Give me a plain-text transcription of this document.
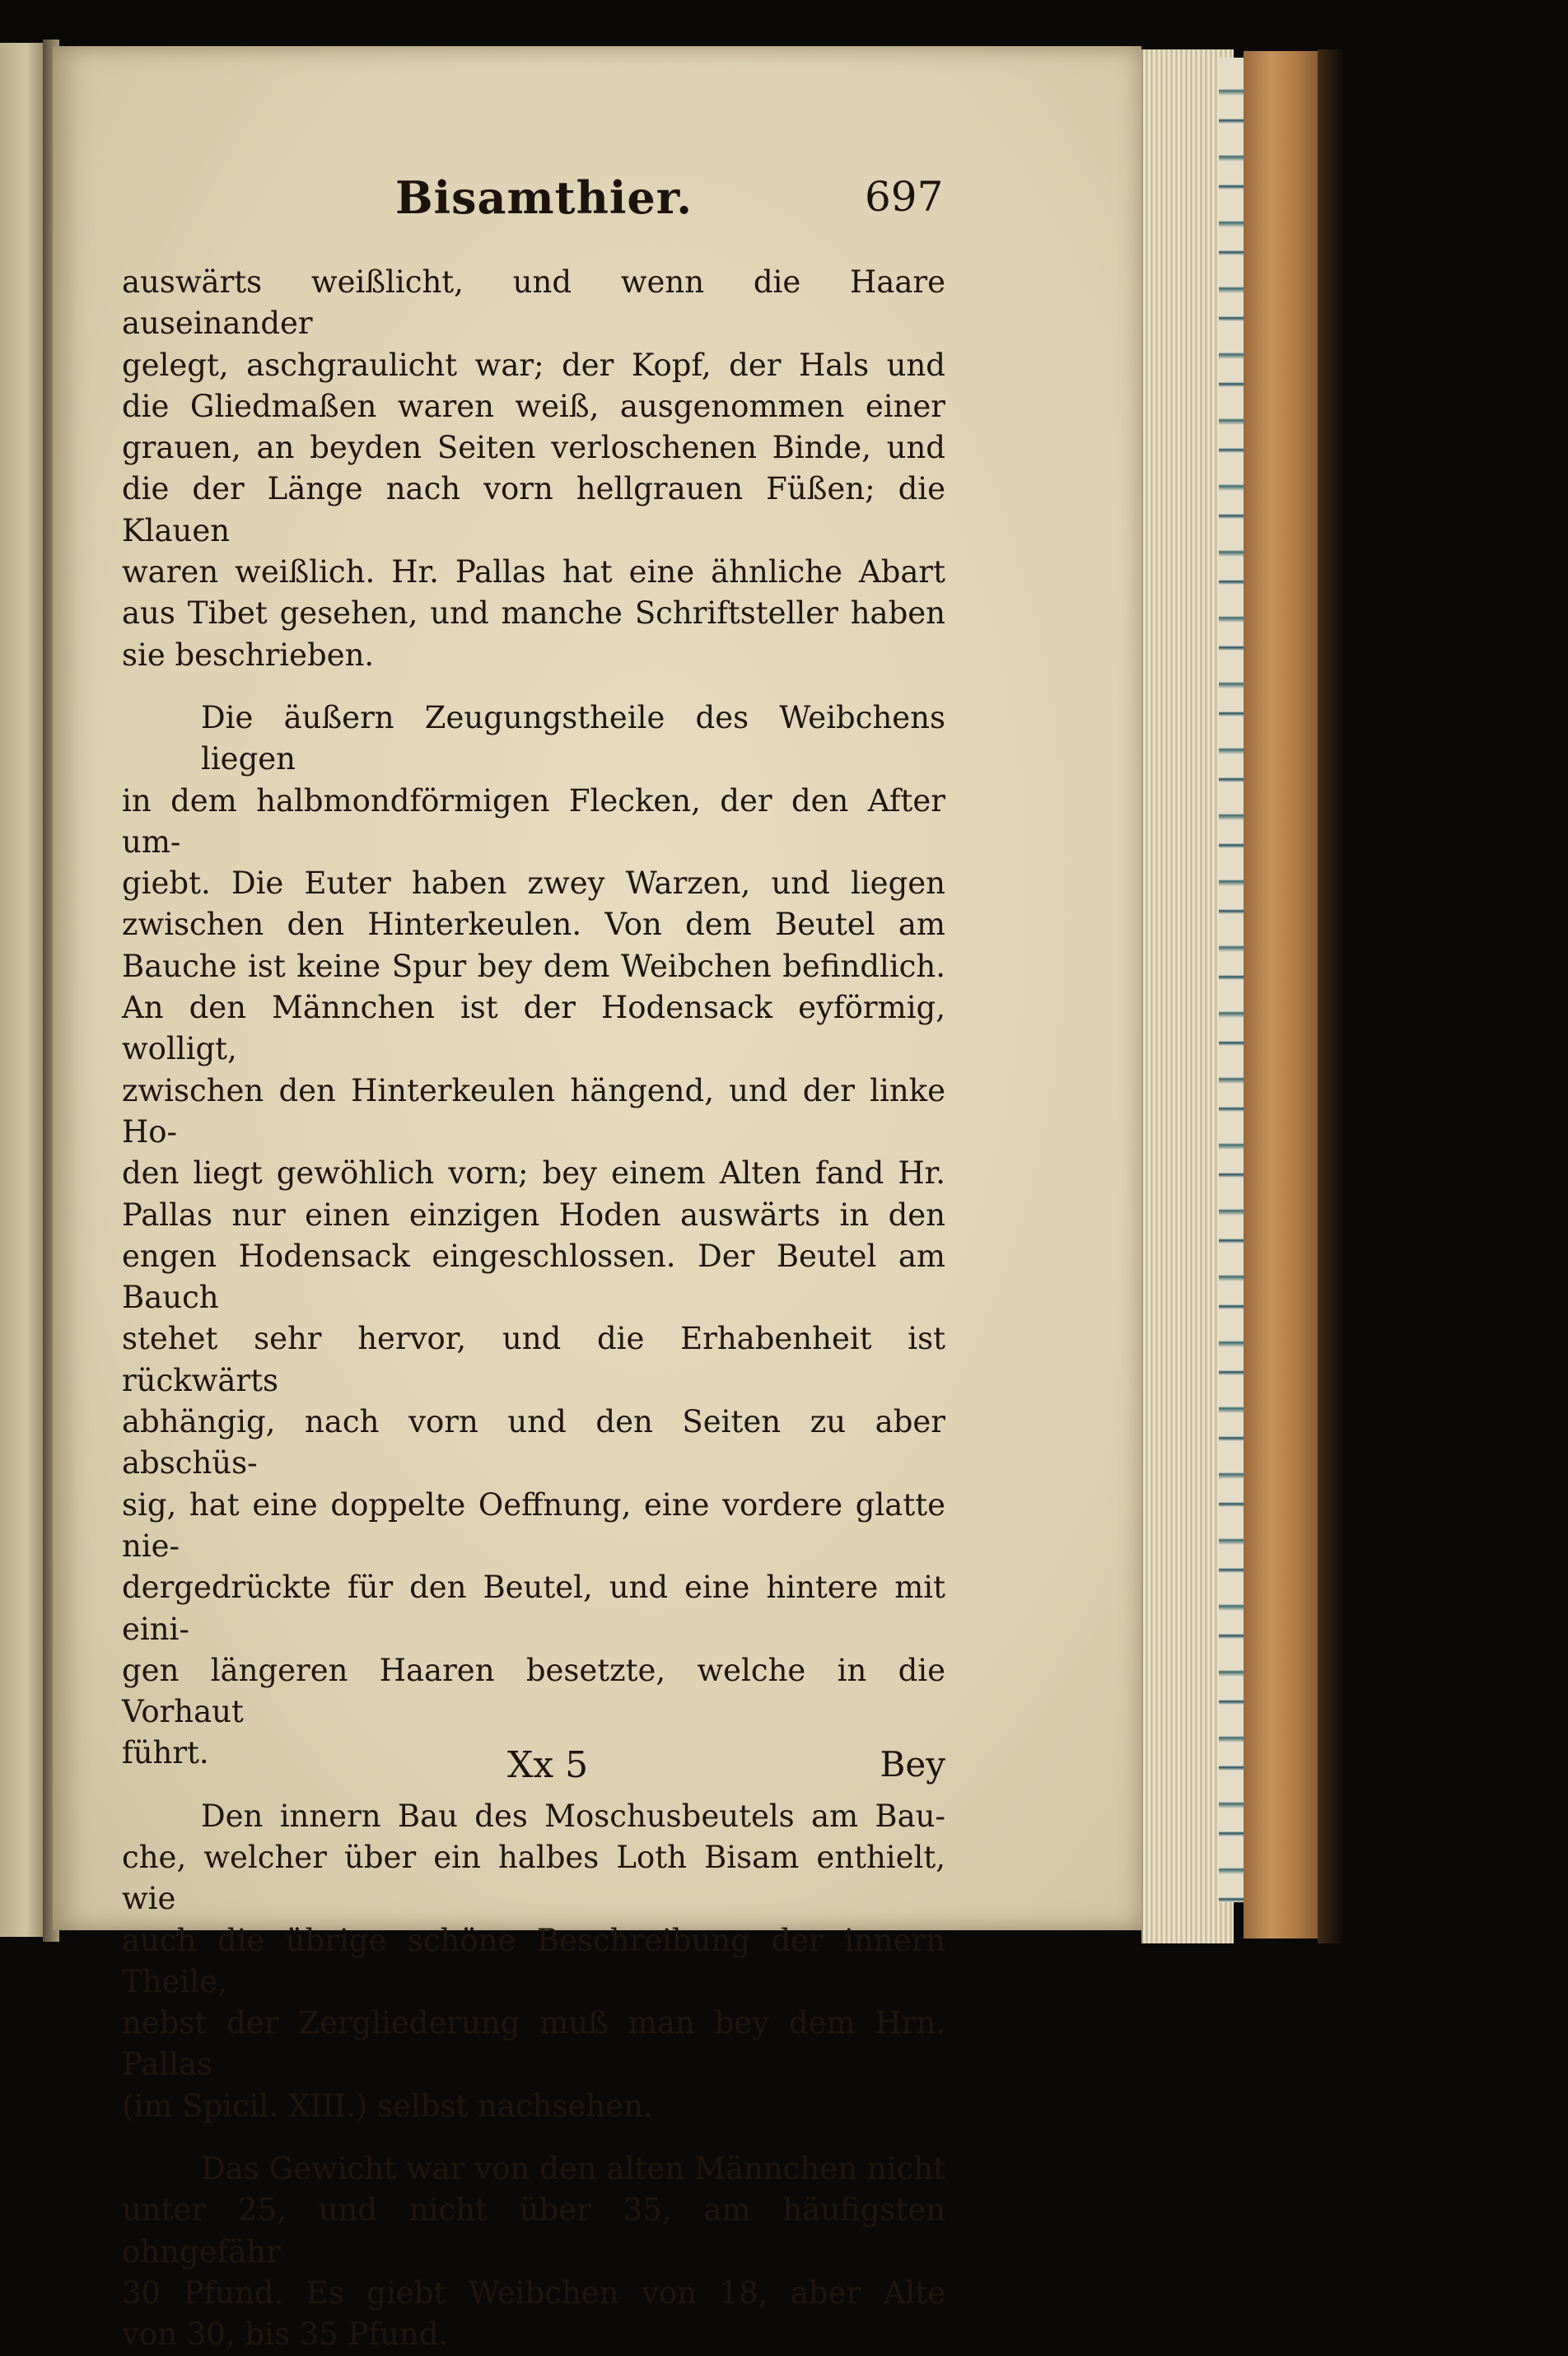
Bisamthier.	697

auswärts weißlicht, und wenn die Haare auseinander
gelegt, aschgraulicht war; der Kopf, der Hals und
die Gliedmaßen waren weiß, ausgenommen einer
grauen, an beyden Seiten verloschenen Binde, und
die der Länge nach vorn hellgrauen Füßen; die Klauen
waren weißlich. Hr. Pallas hat eine ähnliche Abart
aus Tibet gesehen, und manche Schriftsteller haben
sie beschrieben.

Die äußern Zeugungstheile des Weibchens liegen
in dem halbmondförmigen Flecken, der den After um-
giebt. Die Euter haben zwey Warzen, und liegen
zwischen den Hinterkeulen. Von dem Beutel am
Bauche ist keine Spur bey dem Weibchen befindlich.
An den Männchen ist der Hodensack eyförmig, wolligt,
zwischen den Hinterkeulen hängend, und der linke Ho-
den liegt gewöhlich vorn; bey einem Alten fand Hr.
Pallas nur einen einzigen Hoden auswärts in den
engen Hodensack eingeschlossen. Der Beutel am Bauch
stehet sehr hervor, und die Erhabenheit ist rückwärts
abhängig, nach vorn und den Seiten zu aber abschüs-
sig, hat eine doppelte Oeffnung, eine vordere glatte nie-
dergedrückte für den Beutel, und eine hintere mit eini-
gen längeren Haaren besetzte, welche in die Vorhaut
führt.

Den innern Bau des Moschusbeutels am Bau-
che, welcher über ein halbes Loth Bisam enthielt, wie
auch die übrige schöne Beschreibung der innern Theile,
nebst der Zergliederung muß man bey dem Hrn. Pallas
(im Spicil. XIII.) selbst nachsehen.

Das Gewicht war von den alten Männchen nicht
unter 25, und nicht über 35, am häufigsten ohngefähr
30 Pfund. Es giebt Weibchen von 18, aber Alte
von 30, bis 35 Pfund.

Xx 5	Bey
